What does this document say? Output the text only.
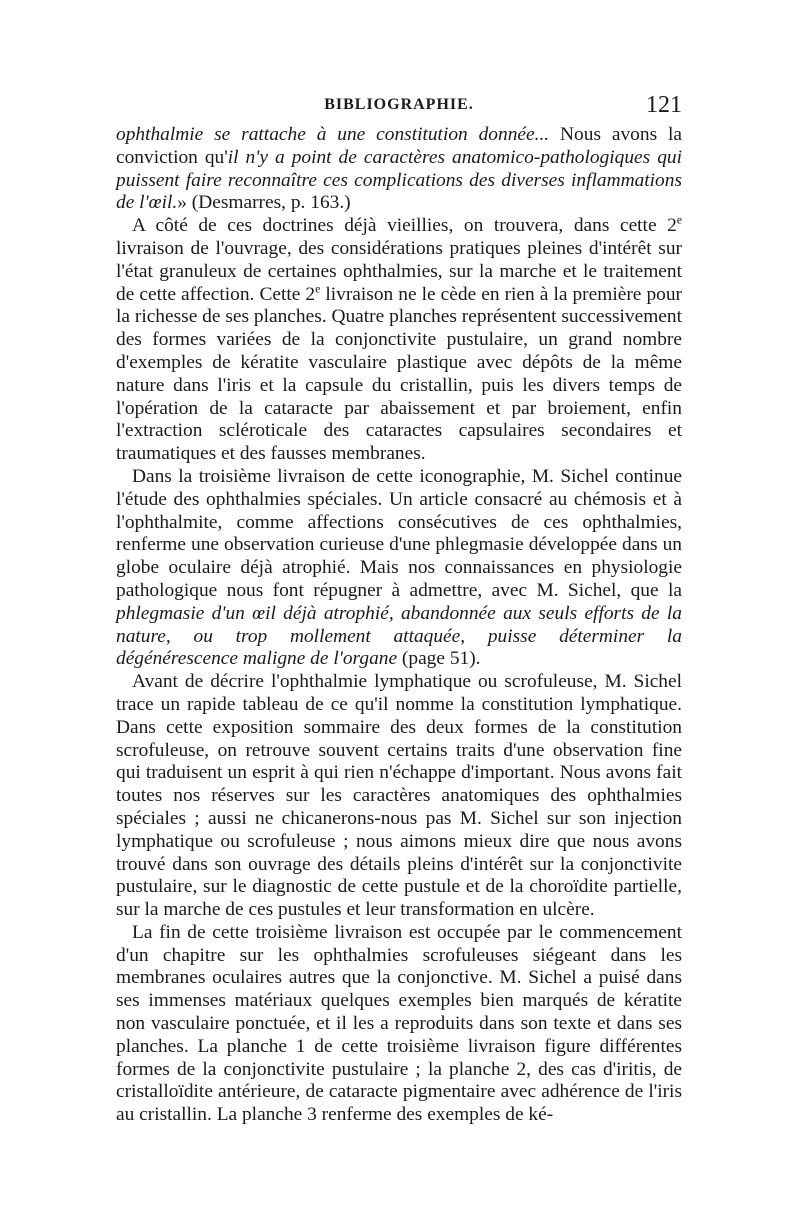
BIBLIOGRAPHIE.	121

ophthalmie se rattache à une constitution donnée... Nous avons la conviction qu'il n'y a point de caractères anatomico-pathologiques qui puissent faire reconnaître ces complications des diverses inflammations de l'œil.» (Desmarres, p. 163.)

A côté de ces doctrines déjà vieillies, on trouvera, dans cette 2e livraison de l'ouvrage, des considérations pratiques pleines d'intérêt sur l'état granuleux de certaines ophthalmies, sur la marche et le traitement de cette affection. Cette 2e livraison ne le cède en rien à la première pour la richesse de ses planches. Quatre planches représentent successivement des formes variées de la conjonctivite pustulaire, un grand nombre d'exemples de kératite vasculaire plastique avec dépôts de la même nature dans l'iris et la capsule du cristallin, puis les divers temps de l'opération de la cataracte par abaissement et par broiement, enfin l'extraction scléroticale des cataractes capsulaires secondaires et traumatiques et des fausses membranes.

Dans la troisième livraison de cette iconographie, M. Sichel continue l'étude des ophthalmies spéciales. Un article consacré au chémosis et à l'ophthalmite, comme affections consécutives de ces ophthalmies, renferme une observation curieuse d'une phlegmasie développée dans un globe oculaire déjà atrophié. Mais nos connaissances en physiologie pathologique nous font répugner à admettre, avec M. Sichel, que la phlegmasie d'un œil déjà atrophié, abandonnée aux seuls efforts de la nature, ou trop mollement attaquée, puisse déterminer la dégénérescence maligne de l'organe (page 51).

Avant de décrire l'ophthalmie lymphatique ou scrofuleuse, M. Sichel trace un rapide tableau de ce qu'il nomme la constitution lymphatique. Dans cette exposition sommaire des deux formes de la constitution scrofuleuse, on retrouve souvent certains traits d'une observation fine qui traduisent un esprit à qui rien n'échappe d'important. Nous avons fait toutes nos réserves sur les caractères anatomiques des ophthalmies spéciales ; aussi ne chicanerons-nous pas M. Sichel sur son injection lymphatique ou scrofuleuse ; nous aimons mieux dire que nous avons trouvé dans son ouvrage des détails pleins d'intérêt sur la conjonctivite pustulaire, sur le diagnostic de cette pustule et de la choroïdite partielle, sur la marche de ces pustules et leur transformation en ulcère.

La fin de cette troisième livraison est occupée par le commencement d'un chapitre sur les ophthalmies scrofuleuses siégeant dans les membranes oculaires autres que la conjonctive. M. Sichel a puisé dans ses immenses matériaux quelques exemples bien marqués de kératite non vasculaire ponctuée, et il les a reproduits dans son texte et dans ses planches. La planche 1 de cette troisième livraison figure différentes formes de la conjonctivite pustulaire ; la planche 2, des cas d'iritis, de cristalloïdite antérieure, de cataracte pigmentaire avec adhérence de l'iris au cristallin. La planche 3 renferme des exemples de ké-
